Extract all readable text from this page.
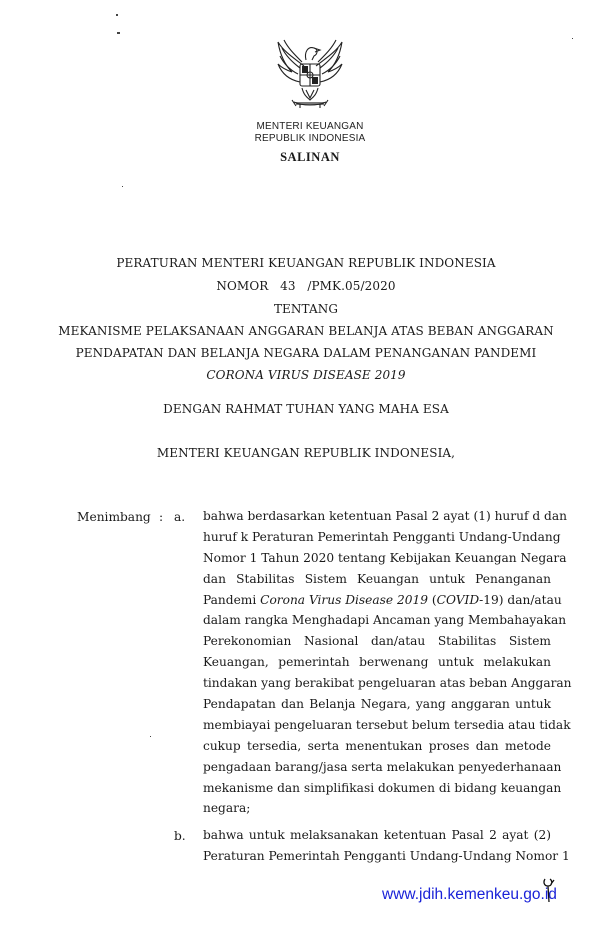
MENTERI KEUANGAN
REPUBLIK INDONESIA
SALINAN
PERATURAN MENTERI KEUANGAN REPUBLIK INDONESIA
NOMOR   43   /PMK.05/2020
TENTANG
MEKANISME PELAKSANAAN ANGGARAN BELANJA ATAS BEBAN ANGGARAN
PENDAPATAN DAN BELANJA NEGARA DALAM PENANGANAN PANDEMI
CORONA VIRUS DISEASE 2019
DENGAN RAHMAT TUHAN YANG MAHA ESA
MENTERI KEUANGAN REPUBLIK INDONESIA,
Menimbang : a. bahwa berdasarkan ketentuan Pasal 2 ayat (1) huruf d dan
huruf k Peraturan Pemerintah Pengganti Undang-Undang
Nomor 1 Tahun 2020 tentang Kebijakan Keuangan Negara
dan Stabilitas Sistem Keuangan untuk Penanganan
Pandemi Corona Virus Disease 2019 (COVID-19) dan/atau
dalam rangka Menghadapi Ancaman yang Membahayakan
Perekonomian Nasional dan/atau Stabilitas Sistem
Keuangan, pemerintah berwenang untuk melakukan
tindakan yang berakibat pengeluaran atas beban Anggaran
Pendapatan dan Belanja Negara, yang anggaran untuk
membiayai pengeluaran tersebut belum tersedia atau tidak
cukup tersedia, serta menentukan proses dan metode
pengadaan barang/jasa serta melakukan penyederhanaan
mekanisme dan simplifikasi dokumen di bidang keuangan
negara;
b. bahwa untuk melaksanakan ketentuan Pasal 2 ayat (2)
Peraturan Pemerintah Pengganti Undang-Undang Nomor 1
www.jdih.kemenkeu.go.id
